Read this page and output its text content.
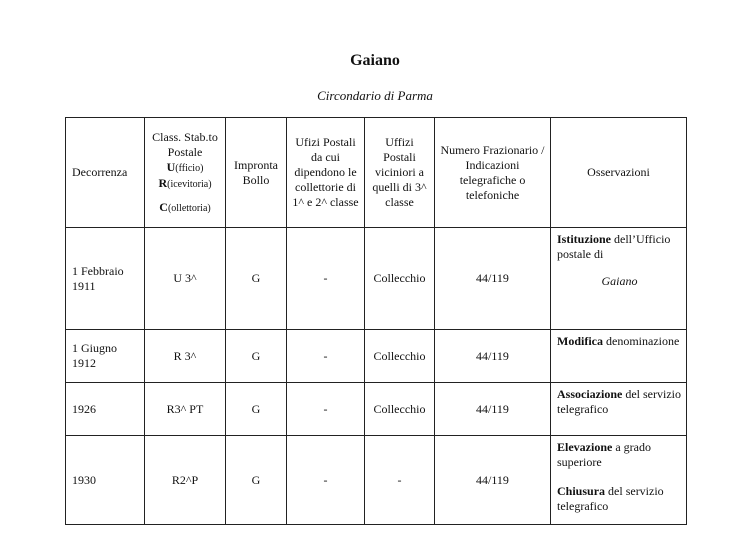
Gaiano
Circondario di Parma
Decorrenza	Class. Stab.to
Postale
U(fficio)
R(icevitoria)
C(ollettoria)	Impronta Bollo	Ufizi Postali da cui dipendono le collettorie di 1^ e 2^ classe	Uffizi Postali viciniori a quelli di 3^ classe	Numero Frazionario / Indicazioni telegrafiche o telefoniche	Osservazioni
1 Febbraio 1911	U 3^	G	-	Collecchio	44/119	Istituzione dell’Ufficio postale di

Gaiano

1 Giugno 1912	R 3^	G	-	Collecchio	44/119	Modifica denominazione

1926	R3^ PT	G	-	Collecchio	44/119	Associazione del servizio telegrafico

1930	R2^P	G	-	-	44/119	Elevazione a grado superiore

Chiusura del servizio telegrafico
